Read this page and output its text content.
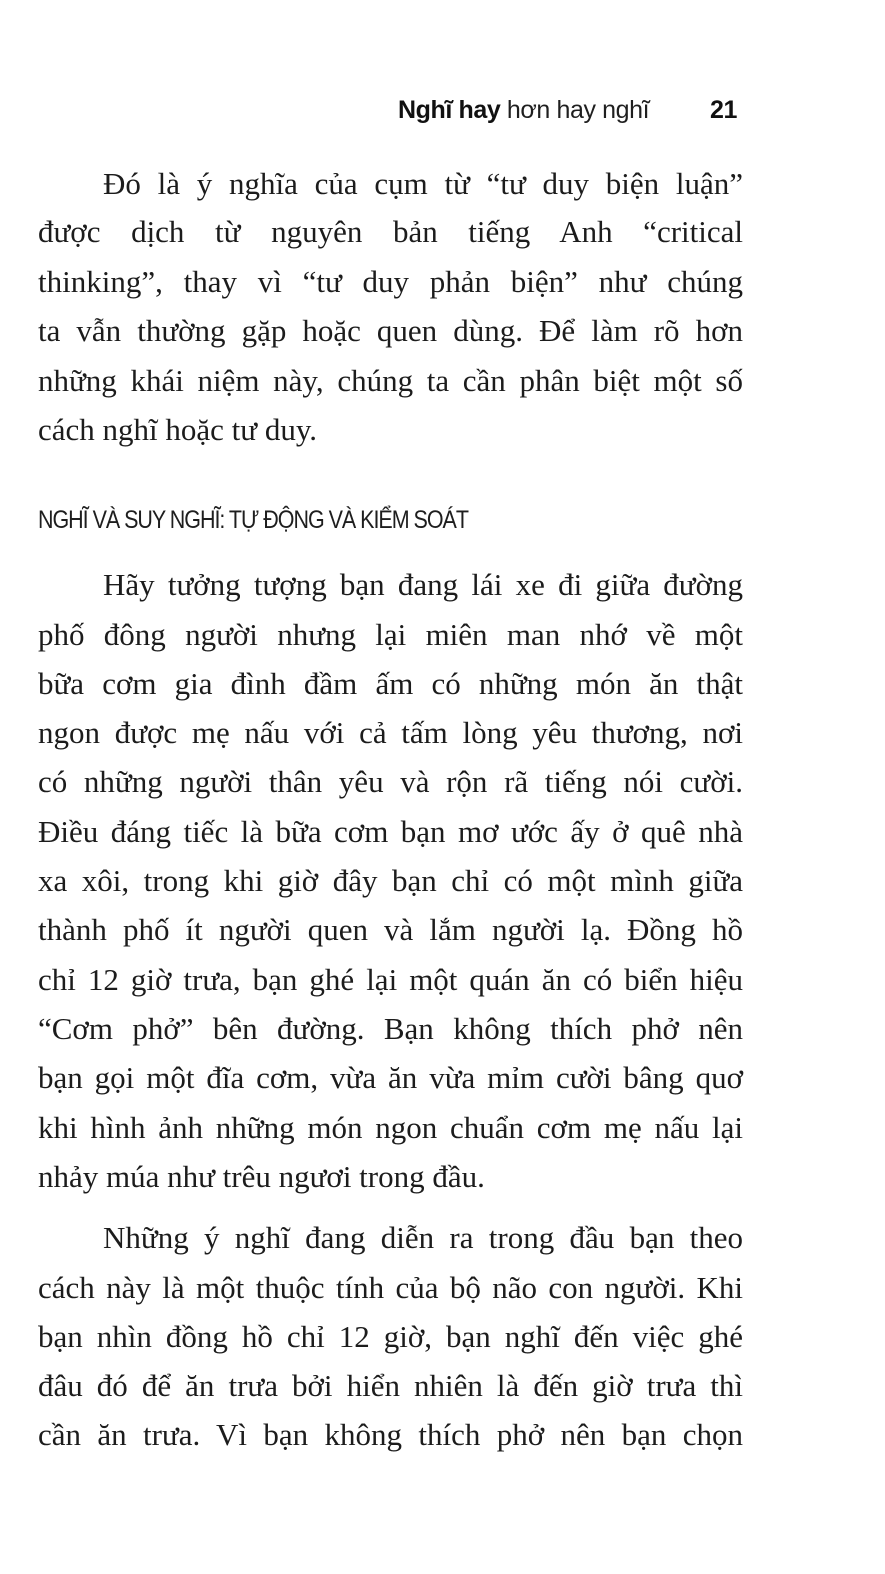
Nghĩ hay hơn hay nghĩ 21
Đó là ý nghĩa của cụm từ “tư duy biện luận”
được dịch từ nguyên bản tiếng Anh “critical
thinking”, thay vì “tư duy phản biện” như chúng
ta vẫn thường gặp hoặc quen dùng. Để làm rõ hơn
những khái niệm này, chúng ta cần phân biệt một số
cách nghĩ hoặc tư duy.
NGHĨ VÀ SUY NGHĨ: TỰ ĐỘNG VÀ KIỂM SOÁT
Hãy tưởng tượng bạn đang lái xe đi giữa đường
phố đông người nhưng lại miên man nhớ về một
bữa cơm gia đình đầm ấm có những món ăn thật
ngon được mẹ nấu với cả tấm lòng yêu thương, nơi
có những người thân yêu và rộn rã tiếng nói cười.
Điều đáng tiếc là bữa cơm bạn mơ ước ấy ở quê nhà
xa xôi, trong khi giờ đây bạn chỉ có một mình giữa
thành phố ít người quen và lắm người lạ. Đồng hồ
chỉ 12 giờ trưa, bạn ghé lại một quán ăn có biển hiệu
“Cơm phở” bên đường. Bạn không thích phở nên
bạn gọi một đĩa cơm, vừa ăn vừa mỉm cười bâng quơ
khi hình ảnh những món ngon chuẩn cơm mẹ nấu lại
nhảy múa như trêu ngươi trong đầu.
Những ý nghĩ đang diễn ra trong đầu bạn theo
cách này là một thuộc tính của bộ não con người. Khi
bạn nhìn đồng hồ chỉ 12 giờ, bạn nghĩ đến việc ghé
đâu đó để ăn trưa bởi hiển nhiên là đến giờ trưa thì
cần ăn trưa. Vì bạn không thích phở nên bạn chọn
